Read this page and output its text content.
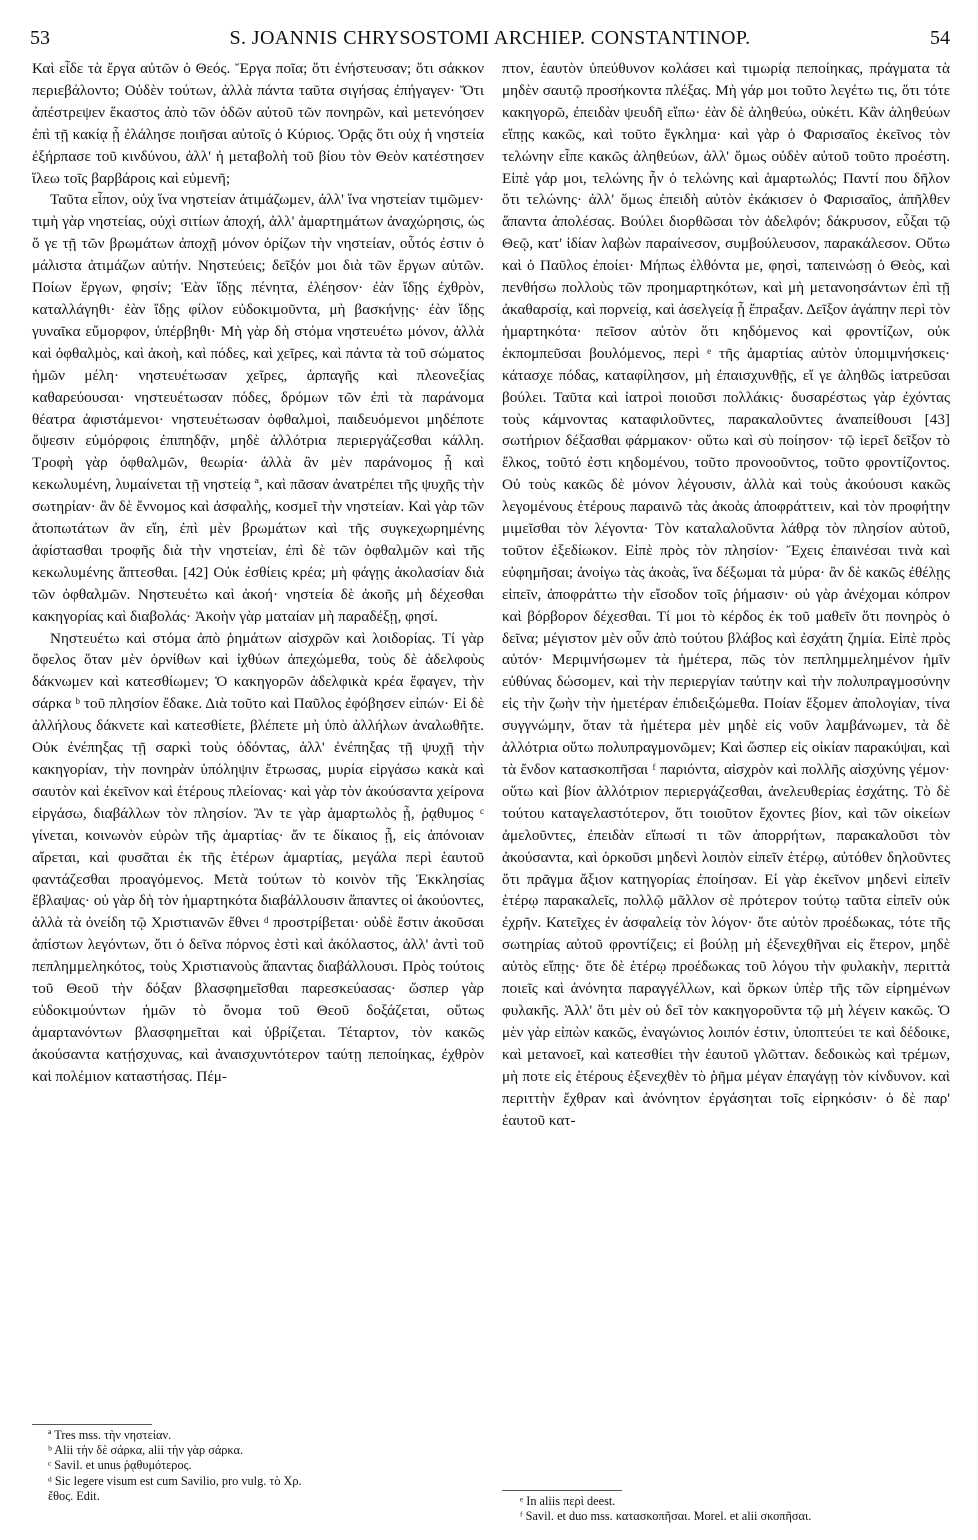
53	S. JOANNIS CHRYSOSTOMI ARCHIEP. CONSTANTINOP.	54

Καὶ εἶδε τὰ ἔργα αὐτῶν ὁ Θεός. Ἔργα ποῖα; ὅτι ἐνήστευσαν; ὅτι σάκκον περιεβάλοντο; Οὐδὲν τούτων, ἀλλὰ πάντα ταῦτα σιγήσας ἐπήγαγεν· Ὅτι ἀπέστρεψεν ἕκαστος ἀπὸ τῶν ὁδῶν αὐτοῦ τῶν πονηρῶν, καὶ μετενόησεν ἐπὶ τῇ κακίᾳ ᾗ ἐλάλησε ποιῆσαι αὐτοῖς ὁ Κύριος. Ὁρᾷς ὅτι οὐχ ἡ νηστεία ἐξήρπασε τοῦ κινδύνου, ἀλλ' ἡ μεταβολὴ τοῦ βίου τὸν Θεὸν κατέστησεν ἵλεω τοῖς βαρβάροις καὶ εὐμενῆ;

Ταῦτα εἶπον, οὐχ ἵνα νηστείαν ἀτιμάζωμεν, ἀλλ' ἵνα νηστείαν τιμῶμεν· τιμὴ γὰρ νηστείας, οὐχὶ σιτίων ἀποχή, ἀλλ' ἁμαρτημάτων ἀναχώρησις, ὡς ὅ γε τῇ τῶν βρωμάτων ἀποχῇ μόνον ὁρίζων τὴν νηστείαν, οὗτός ἐστιν ὁ μάλιστα ἀτιμάζων αὐτήν. Νηστεύεις; δεῖξόν μοι διὰ τῶν ἔργων αὐτῶν. Ποίων ἔργων, φησίν; Ἐὰν ἴδῃς πένητα, ἐλέησον· ἐὰν ἴδῃς ἐχθρὸν, καταλλάγηθι· ἐὰν ἴδῃς φίλον εὐδοκιμοῦντα, μὴ βασκήνῃς· ἐὰν ἴδῃς γυναῖκα εὔμορφον, ὑπέρβηθι· Μὴ γὰρ δὴ στόμα νηστευέτω μόνον, ἀλλὰ καὶ ὀφθαλμὸς, καὶ ἀκοὴ, καὶ πόδες, καὶ χεῖρες, καὶ πάντα τὰ τοῦ σώματος ἡμῶν μέλη· νηστευέτωσαν χεῖρες, ἁρπαγῆς καὶ πλεονεξίας καθαρεύουσαι· νηστευέτωσαν πόδες, δρόμων τῶν ἐπὶ τὰ παράνομα θέατρα ἀφιστάμενοι· νηστευέτωσαν ὀφθαλμοὶ, παιδευόμενοι μηδέποτε ὄψεσιν εὐμόρφοις ἐπιπηδᾷν, μηδὲ ἀλλότρια περιεργάζεσθαι κάλλη. Τροφὴ γὰρ ὀφθαλμῶν, θεωρία· ἀλλὰ ἂν μὲν παράνομος ᾖ καὶ κεκωλυμένη, λυμαίνεται τῇ νηστείᾳ ª, καὶ πᾶσαν ἀνατρέπει τῆς ψυχῆς τὴν σωτηρίαν· ἂν δὲ ἔννομος καὶ ἀσφαλὴς, κοσμεῖ τὴν νηστείαν. Καὶ γὰρ τῶν ἀτοπωτάτων ἂν εἴη, ἐπὶ μὲν βρωμάτων καὶ τῆς συγκεχωρημένης ἀφίστασθαι τροφῆς διὰ τὴν νηστείαν, ἐπὶ δὲ τῶν ὀφθαλμῶν καὶ τῆς κεκωλυμένης ἅπτεσθαι. [42] Οὐκ ἐσθίεις κρέα; μὴ φάγῃς ἀκολασίαν διὰ τῶν ὀφθαλμῶν. Νηστευέτω καὶ ἀκοή· νηστεία δὲ ἀκοῆς μὴ δέχεσθαι κακηγορίας καὶ διαβολάς· Ἀκοὴν γὰρ ματαίαν μὴ παραδέξῃ, φησί.

Νηστευέτω καὶ στόμα ἀπὸ ῥημάτων αἰσχρῶν καὶ λοιδορίας. Τί γὰρ ὄφελος ὅταν μὲν ὀρνίθων καὶ ἰχθύων ἀπεχώμεθα, τοὺς δὲ ἀδελφοὺς δάκνωμεν καὶ κατεσθίωμεν; Ὁ κακηγορῶν ἀδελφικὰ κρέα ἔφαγεν, τὴν σάρκα ᵇ τοῦ πλησίον ἔδακε. Διὰ τοῦτο καὶ Παῦλος ἐφόβησεν εἰπών· Εἰ δὲ ἀλλήλους δάκνετε καὶ κατεσθίετε, βλέπετε μὴ ὑπὸ ἀλλήλων ἀναλωθῆτε. Οὐκ ἐνέπηξας τῇ σαρκὶ τοὺς ὀδόντας, ἀλλ' ἐνέπηξας τῇ ψυχῇ τὴν κακηγορίαν, τὴν πονηρὰν ὑπόληψιν ἔτρωσας, μυρία εἰργάσω κακὰ καὶ σαυτὸν καὶ ἐκεῖνον καὶ ἑτέρους πλείονας· καὶ γὰρ τὸν ἀκούσαντα χείρονα εἰργάσω, διαβάλλων τὸν πλησίον. Ἂν τε γὰρ ἁμαρτωλὸς ᾖ, ῥᾳθυμος ᶜ γίνεται, κοινωνὸν εὑρὼν τῆς ἁμαρτίας· ἄν τε δίκαιος ᾖ, εἰς ἀπόνοιαν αἴρεται, καὶ φυσᾶται ἐκ τῆς ἑτέρων ἁμαρτίας, μεγάλα περὶ ἑαυτοῦ φαντάζεσθαι προαγόμενος. Μετὰ τούτων τὸ κοινὸν τῆς Ἐκκλησίας ἔβλαψας· οὐ γὰρ δὴ τὸν ἡμαρτηκότα διαβάλλουσιν ἅπαντες οἱ ἀκούοντες, ἀλλὰ τὰ ὀνείδη τῷ Χριστιανῶν ἔθνει ᵈ προστρίβεται· οὐδὲ ἔστιν ἀκοῦσαι ἀπίστων λεγόντων, ὅτι ὁ δεῖνα πόρνος ἐστὶ καὶ ἀκόλαστος, ἀλλ' ἀντὶ τοῦ πεπλημμεληκότος, τοὺς Χριστιανοὺς ἅπαντας διαβάλλουσι. Πρὸς τούτοις τοῦ Θεοῦ τὴν δόξαν βλασφημεῖσθαι παρεσκεύασας· ὥσπερ γὰρ εὐδοκιμούντων ἡμῶν τὸ ὄνομα τοῦ Θεοῦ δοξάζεται, οὕτως ἁμαρτανόντων βλασφημεῖται καὶ ὑβρίζεται. Τέταρτον, τὸν κακῶς ἀκούσαντα κατῄσχυνας, καὶ ἀναισχυντότερον ταύτῃ πεποίηκας, ἐχθρὸν καὶ πολέμιον καταστήσας. Πέμ-

πτον, ἑαυτὸν ὑπεύθυνον κολάσει καὶ τιμωρίᾳ πεποίηκας, πράγματα τὰ μηδὲν σαυτῷ προσήκοντα πλέξας. Μὴ γάρ μοι τοῦτο λεγέτω τις, ὅτι τότε κακηγορῶ, ἐπειδὰν ψευδῆ εἴπω· ἐὰν δὲ ἀληθεύω, οὐκέτι. Κἂν ἀληθεύων εἴπῃς κακῶς, καὶ τοῦτο ἔγκλημα· καὶ γὰρ ὁ Φαρισαῖος ἐκεῖνος τὸν τελώνην εἶπε κακῶς ἀληθεύων, ἀλλ' ὅμως οὐδὲν αὐτοῦ τοῦτο προέστη. Εἰπὲ γάρ μοι, τελώνης ἦν ὁ τελώνης καὶ ἁμαρτωλός; Παντί που δῆλον ὅτι τελώνης· ἀλλ' ὅμως ἐπειδὴ αὐτὸν ἐκάκισεν ὁ Φαρισαῖος, ἀπῆλθεν ἅπαντα ἀπολέσας. Βούλει διορθῶσαι τὸν ἀδελφόν; δάκρυσον, εὖξαι τῷ Θεῷ, κατ' ἰδίαν λαβὼν παραίνεσον, συμβούλευσον, παρακάλεσον. Οὕτω καὶ ὁ Παῦλος ἐποίει· Μήπως ἐλθόντα με, φησὶ, ταπεινώσῃ ὁ Θεὸς, καὶ πενθήσω πολλοὺς τῶν προημαρτηκότων, καὶ μὴ μετανοησάντων ἐπὶ τῇ ἀκαθαρσίᾳ, καὶ πορνείᾳ, καὶ ἀσελγείᾳ ᾗ ἔπραξαν. Δεῖξον ἀγάπην περὶ τὸν ἡμαρτηκότα· πεῖσον αὐτὸν ὅτι κηδόμενος καὶ φροντίζων, οὐκ ἐκπομπεῦσαι βουλόμενος, περὶ ᵉ τῆς ἁμαρτίας αὐτὸν ὑπομιμνήσκεις· κάτασχε πόδας, καταφίλησον, μὴ ἐπαισχυνθῇς, εἴ γε ἀληθῶς ἰατρεῦσαι βούλει. Ταῦτα καὶ ἰατροὶ ποιοῦσι πολλάκις· δυσαρέστως γὰρ ἐχόντας τοὺς κάμνοντας καταφιλοῦντες, παρακαλοῦντες ἀναπείθουσι [43] σωτήριον δέξασθαι φάρμακον· οὕτω καὶ σὺ ποίησον· τῷ ἱερεῖ δεῖξον τὸ ἕλκος, τοῦτό ἐστι κηδομένου, τοῦτο προνοοῦντος, τοῦτο φροντίζοντος. Οὐ τοὺς κακῶς δὲ μόνον λέγουσιν, ἀλλὰ καὶ τοὺς ἀκούουσι κακῶς λεγομένους ἑτέρους παραινῶ τὰς ἀκοὰς ἀποφράττειν, καὶ τὸν προφήτην μιμεῖσθαι τὸν λέγοντα· Τὸν καταλαλοῦντα λάθρᾳ τὸν πλησίον αὐτοῦ, τοῦτον ἐξεδίωκον. Εἰπὲ πρὸς τὸν πλησίον· Ἔχεις ἐπαινέσαι τινὰ καὶ εὐφημῆσαι; ἀνοίγω τὰς ἀκοὰς, ἵνα δέξωμαι τὰ μύρα· ἂν δὲ κακῶς ἐθέλῃς εἰπεῖν, ἀποφράττω τὴν εἴσοδον τοῖς ῥήμασιν· οὐ γὰρ ἀνέχομαι κόπρον καὶ βόρβορον δέχεσθαι. Τί μοι τὸ κέρδος ἐκ τοῦ μαθεῖν ὅτι πονηρὸς ὁ δεῖνα; μέγιστον μὲν οὖν ἀπὸ τούτου βλάβος καὶ ἐσχάτη ζημία. Εἰπὲ πρὸς αὐτόν· Μεριμνήσωμεν τὰ ἡμέτερα, πῶς τὸν πεπλημμελημένον ἡμῖν εὐθύνας δώσομεν, καὶ τὴν περιεργίαν ταύτην καὶ τὴν πολυπραγμοσύνην εἰς τὴν ζωὴν τὴν ἡμετέραν ἐπιδειξώμεθα. Ποίαν ἕξομεν ἀπολογίαν, τίνα συγγνώμην, ὅταν τὰ ἡμέτερα μὲν μηδὲ εἰς νοῦν λαμβάνωμεν, τὰ δὲ ἀλλότρια οὕτω πολυπραγμονῶμεν; Καὶ ὥσπερ εἰς οἰκίαν παρακύψαι, καὶ τὰ ἔνδον κατασκοπῆσαι ᶠ παριόντα, αἰσχρὸν καὶ πολλῆς αἰσχύνης γέμον· οὕτω καὶ βίον ἀλλότριον περιεργάζεσθαι, ἀνελευθερίας ἐσχάτης. Τὸ δὲ τούτου καταγελαστότερον, ὅτι τοιοῦτον ἔχοντες βίον, καὶ τῶν οἰκείων ἀμελοῦντες, ἐπειδὰν εἴπωσί τι τῶν ἀπορρήτων, παρακαλοῦσι τὸν ἀκούσαντα, καὶ ὁρκοῦσι μηδενὶ λοιπὸν εἰπεῖν ἑτέρῳ, αὐτόθεν δηλοῦντες ὅτι πρᾶγμα ἄξιον κατηγορίας ἐποίησαν. Εἰ γὰρ ἐκεῖνον μηδενὶ εἰπεῖν ἑτέρῳ παρακαλεῖς, πολλῷ μᾶλλον σὲ πρότερον τούτῳ ταῦτα εἰπεῖν οὐκ ἐχρῆν. Κατεῖχες ἐν ἀσφαλείᾳ τὸν λόγον· ὅτε αὐτὸν προέδωκας, τότε τῆς σωτηρίας αὐτοῦ φροντίζεις; εἰ βούλῃ μὴ ἐξενεχθῆναι εἰς ἕτερον, μηδὲ αὐτὸς εἴπῃς· ὅτε δὲ ἑτέρῳ προέδωκας τοῦ λόγου τὴν φυλακὴν, περιττὰ ποιεῖς καὶ ἀνόνητα παραγγέλλων, καὶ ὅρκων ὑπὲρ τῆς τῶν εἰρημένων φυλακῆς. Ἀλλ' ὅτι μὲν οὐ δεῖ τὸν κακηγοροῦντα τῷ μὴ λέγειν κακῶς. Ὁ μὲν γὰρ εἰπὼν κακῶς, ἐναγώνιος λοιπόν ἐστιν, ὑποπτεύει τε καὶ δέδοικε, καὶ μετανοεῖ, καὶ κατεσθίει τὴν ἑαυτοῦ γλῶτταν. δεδοικὼς καὶ τρέμων, μὴ ποτε εἰς ἑτέρους ἐξενεχθὲν τὸ ῥῆμα μέγαν ἐπαγάγῃ τὸν κίνδυνον. καὶ περιττὴν ἔχθραν καὶ ἀνόνητον ἐργάσηται τοῖς εἰρηκόσιν· ὁ δὲ παρ' ἑαυτοῦ κατ-

ª Tres mss. τὴν νηστείαν.
ᵇ Alii τὴν δὲ σάρκα, alii τὴν γὰρ σάρκα.
ᶜ Savil. et unus ῥᾳθυμότερος.
ᵈ Sic legere visum est cum Savilio, pro vulg. τὸ Χρ.
ἔθος. Edit.	ᵉ In aliis περὶ deest.
ᶠ Savil. et duo mss. κατασκοπῆσαι. Morel. et alii σκοπῆσαι.
